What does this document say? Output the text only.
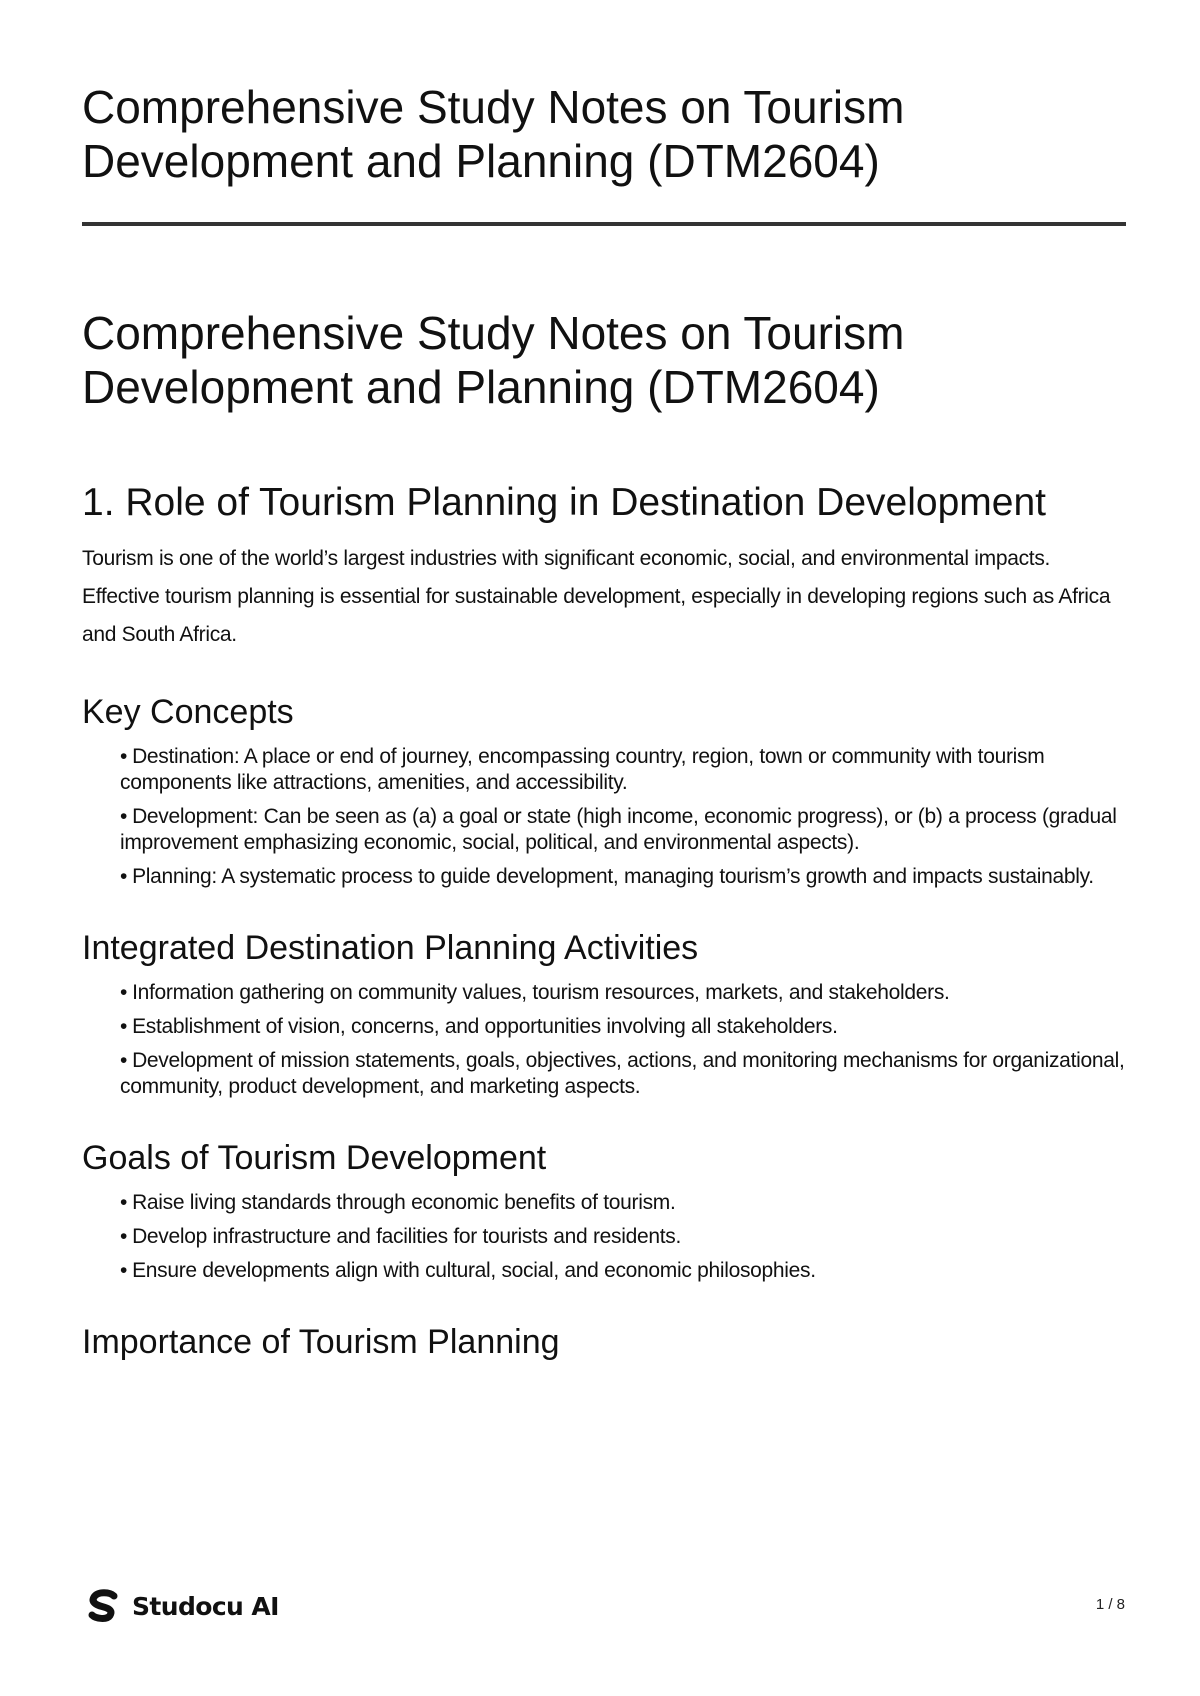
Comprehensive Study Notes on Tourism Development and Planning (DTM2604)
Comprehensive Study Notes on Tourism Development and Planning (DTM2604)
1. Role of Tourism Planning in Destination Development

Tourism is one of the world’s largest industries with significant economic, social, and environmental impacts. Effective tourism planning is essential for sustainable development, especially in developing regions such as Africa and South Africa.

Key Concepts
• Destination: A place or end of journey, encompassing country, region, town or community with tourism components like attractions, amenities, and accessibility.
• Development: Can be seen as (a) a goal or state (high income, economic progress), or (b) a process (gradual improvement emphasizing economic, social, political, and environmental aspects).
• Planning: A systematic process to guide development, managing tourism’s growth and impacts sustainably.
Integrated Destination Planning Activities
• Information gathering on community values, tourism resources, markets, and stakeholders.
• Establishment of vision, concerns, and opportunities involving all stakeholders.
• Development of mission statements, goals, objectives, actions, and monitoring mechanisms for organizational, community, product development, and marketing aspects.
Goals of Tourism Development
• Raise living standards through economic benefits of tourism.
• Develop infrastructure and facilities for tourists and residents.
• Ensure developments align with cultural, social, and economic philosophies.
Importance of Tourism Planning
Studocu AI	1 / 8
